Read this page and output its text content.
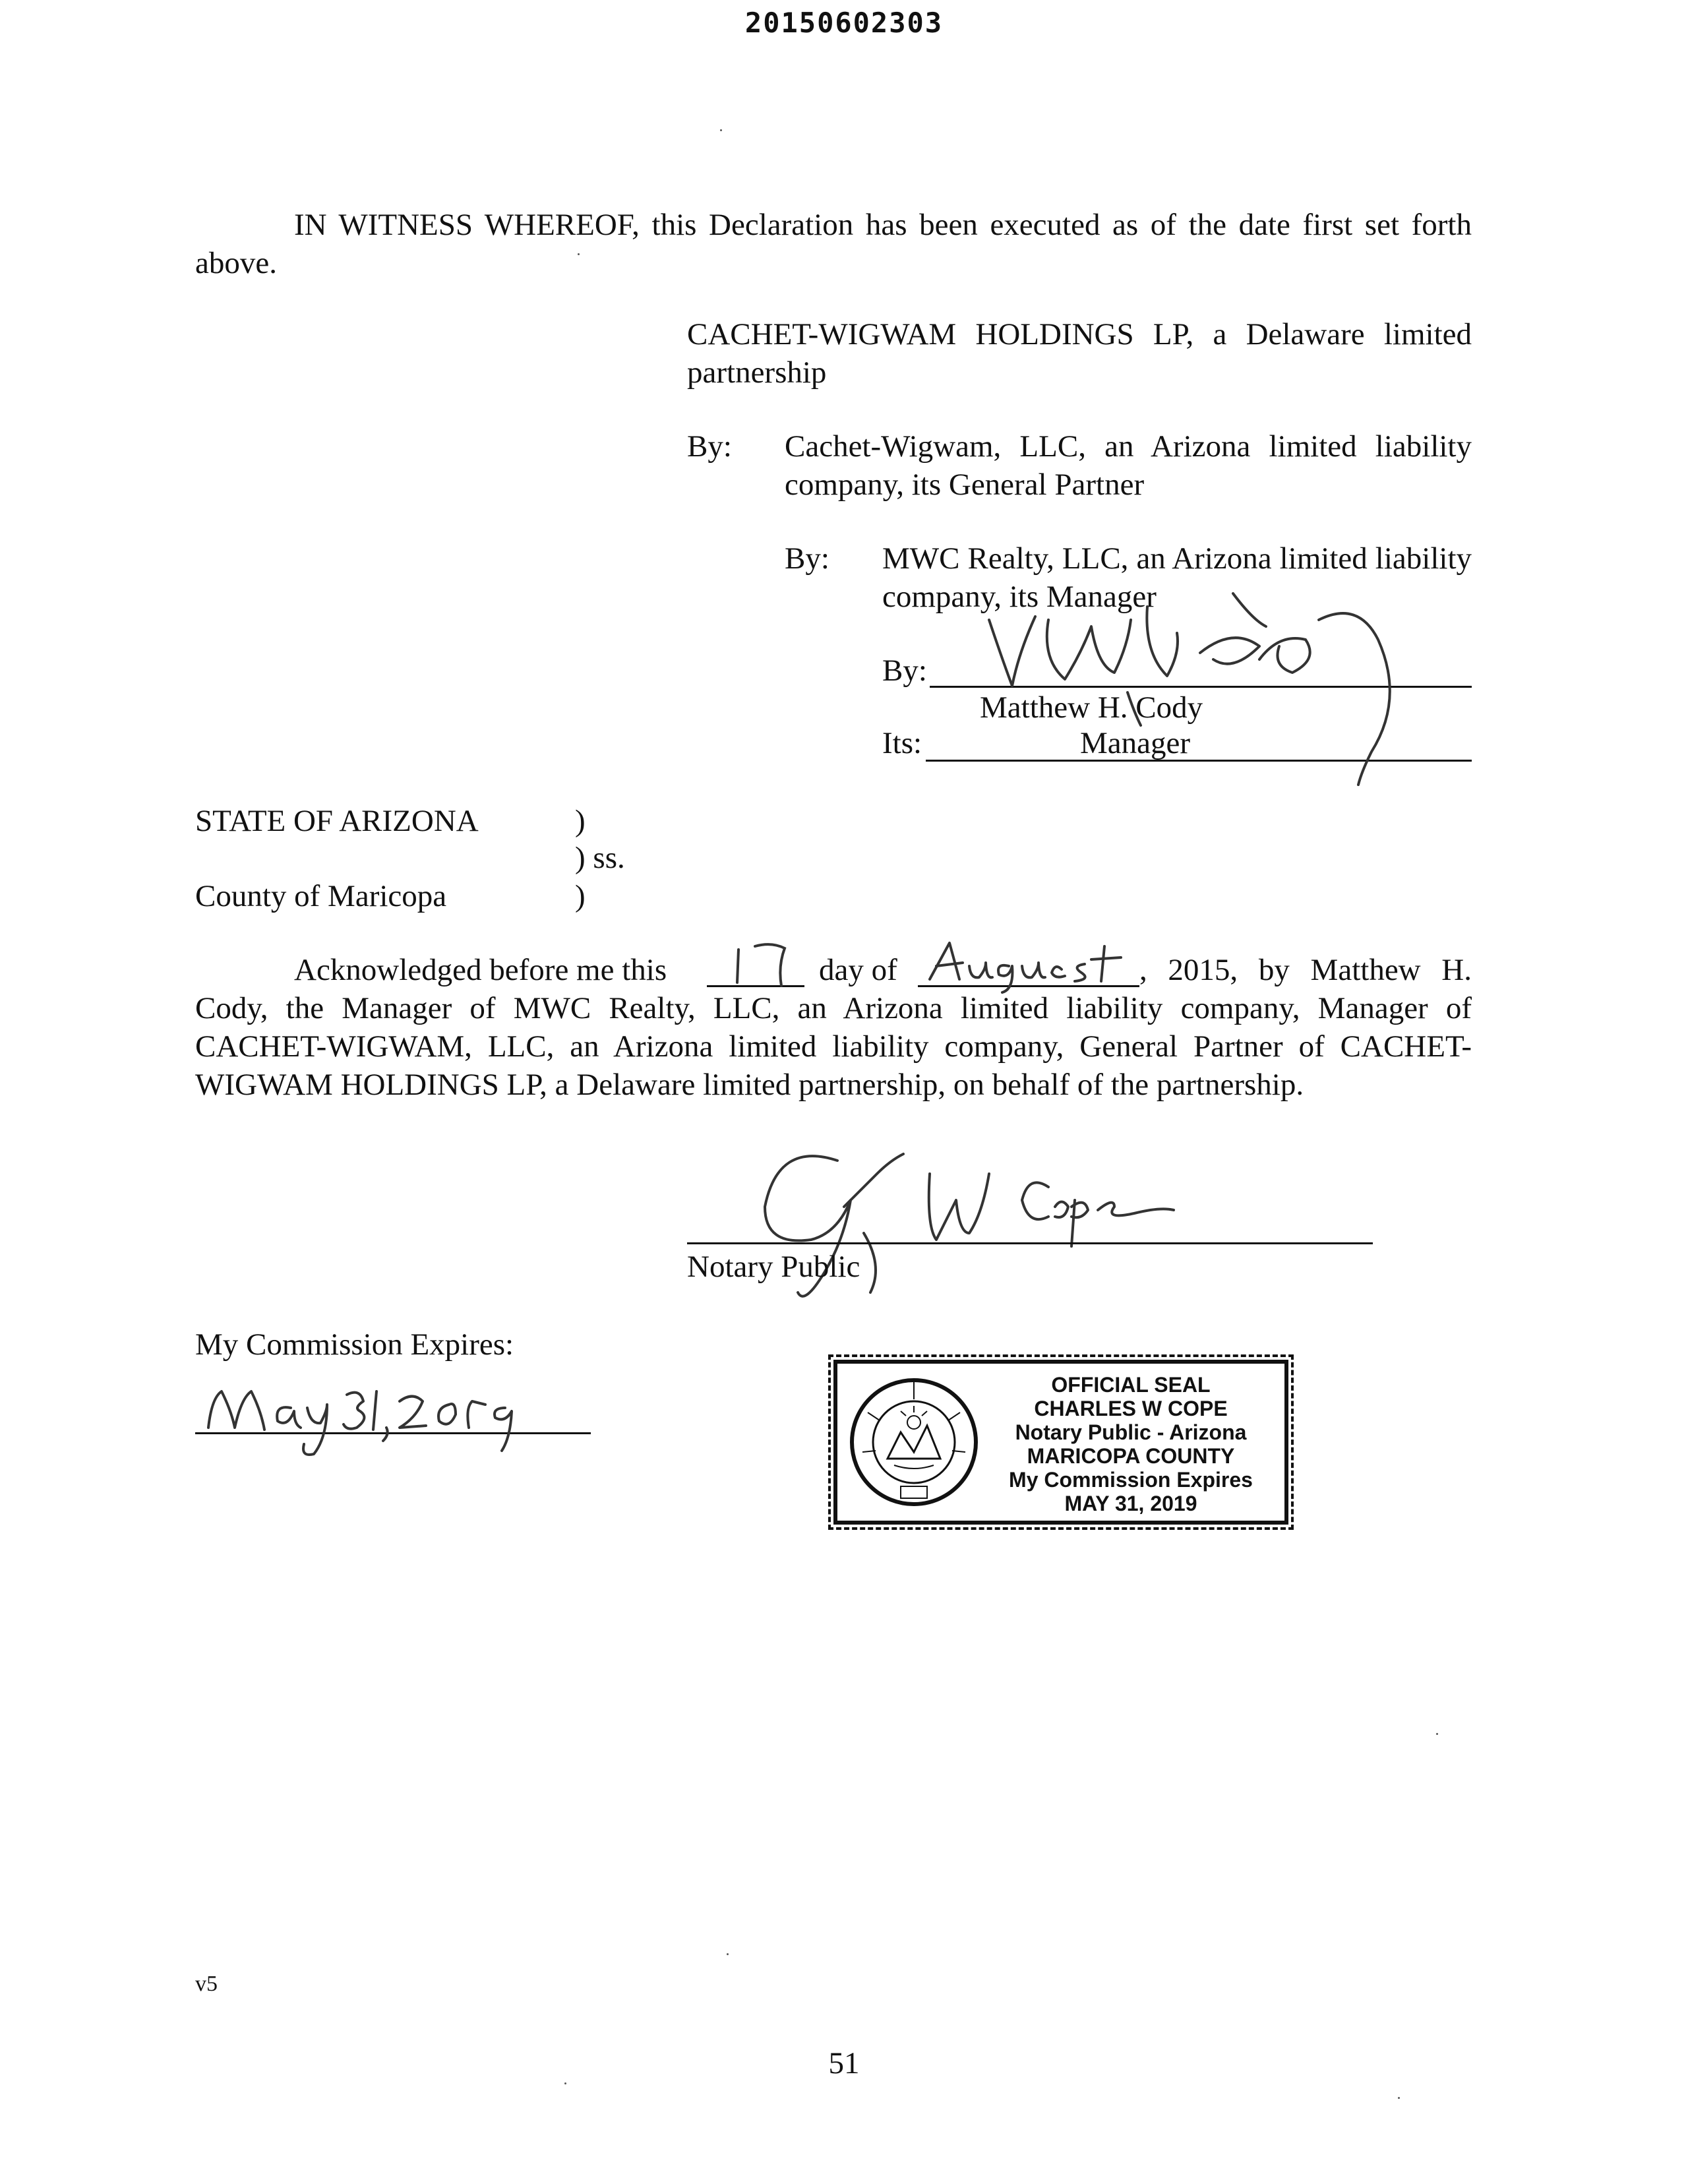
20150602303
IN WITNESS WHEREOF, this Declaration has been executed as of the date first set forth above.
CACHET-WIGWAM HOLDINGS LP, a Delaware limited partnership
By: Cachet-Wigwam, LLC, an Arizona limited liability company, its General Partner
By: MWC Realty, LLC, an Arizona limited liability company, its Manager
By:
Matthew H. Cody
Its:	Manager
STATE OF ARIZONA	)
) ss.
County of Maricopa	)
Acknowledged before me this	day of	, 2015, by Matthew H. Cody, the Manager of MWC Realty, LLC, an Arizona limited liability company, Manager of CACHET-WIGWAM, LLC, an Arizona limited liability company, General Partner of CACHET-WIGWAM HOLDINGS LP, a Delaware limited partnership, on behalf of the partnership.
Notary Public
My Commission Expires:
OFFICIAL SEAL
CHARLES W COPE
Notary Public - Arizona
MARICOPA COUNTY
My Commission Expires
MAY 31, 2019
v5
51
